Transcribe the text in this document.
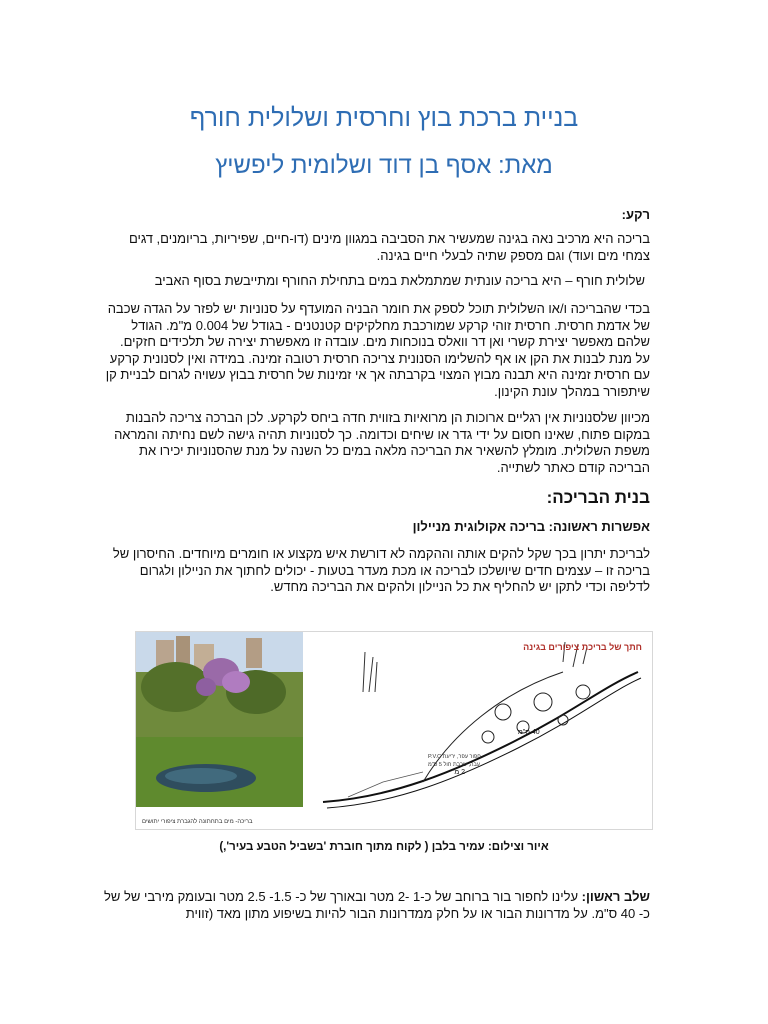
בניית ברכת בוץ וחרסית ושלולית חורף
מאת: אסף בן דוד ושלומית ליפשיץ

רקע:

בריכה היא מרכיב נאה בגינה שמעשיר את הסביבה במגוון מינים (דו-חיים, שפיריות, בריומנים, דגים צמחי מים ועוד) וגם מספק שתיה לבעלי חיים בגינה.

שלולית חורף – היא בריכה עונתית שמתמלאת במים בתחילת החורף ומתייבשת בסוף האביב

בכדי שהבריכה ו/או השלולית תוכל לספק את חומר הבניה המועדף על סנוניות יש לפזר על הגדה שכבה של אדמת חרסית. חרסית זוהי קרקע שמורכבת מחלקיקים קטנטנים - בגודל של 0.004 מ"מ. הגודל שלהם מאפשר יצירת קשרי ואן דר וואלס בנוכחות מים. עובדה זו מאפשרת יצירה של תלכידים חזקים. על מנת לבנות את הקן או אף להשלימו הסנונית צריכה חרסית רטובה זמינה. במידה ואין לסנונית קרקע עם חרסית זמינה היא תבנה מבוץ המצוי בקרבתה אך אי זמינות של חרסית בבוץ עשויה לגרום לבניית קן שיתפורר במהלך עונת הקינון.

מכיוון שלסנוניות אין רגליים ארוכות הן מרואיות בזווית חדה ביחס לקרקע. לכן הברכה צריכה להבנות במקום פתוח, שאינו חסום על ידי גדר או שיחים וכדומה. כך לסנוניות תהיה גישה לשם נחיתה והמראה משפת השלולית. מומלץ להשאיר את הבריכה מלאה במים כל השנה על מנת שהסנוניות יכירו את הבריכה קודם כאתר לשתייה.

בנית הבריכה:
אפשרות ראשונה: בריכה אקולוגית מניילון

לבריכת יתרון בכך שקל להקים אותה וההקמה לא דורשת איש מקצוע או חומרים מיוחדים. החיסרון של בריכה זו – עצמים חדים שיושלכו לבריכה או מכת מעדר בטעות - יכולים לחתוך את הניילון ולגרום לדליפה וכדי לתקן יש להחליף את כל הניילון ולהקים את הבריכה מחדש.

בריכה- מים בתחתונה להגברת ציפורי יתושים
חתך של בריכת ציפורים בגינה
40 ס"מ
2 מ'
חפור עפר, יריעת P.V.C
עבה, שכבת חול 5 ס"מ
איור וצילום: עמיר בלבן ( לקוח מתוך חוברת 'בשביל הטבע בעיר',)

שלב ראשון: עלינו לחפור בור ברוחב של כ-1 -2 מטר ובאורך של כ- 1.5- 2.5 מטר ובעומק מירבי של של כ- 40 ס"מ. על מדרונות הבור או על חלק ממדרונות הבור להיות בשיפוע מתון מאד (זווית
